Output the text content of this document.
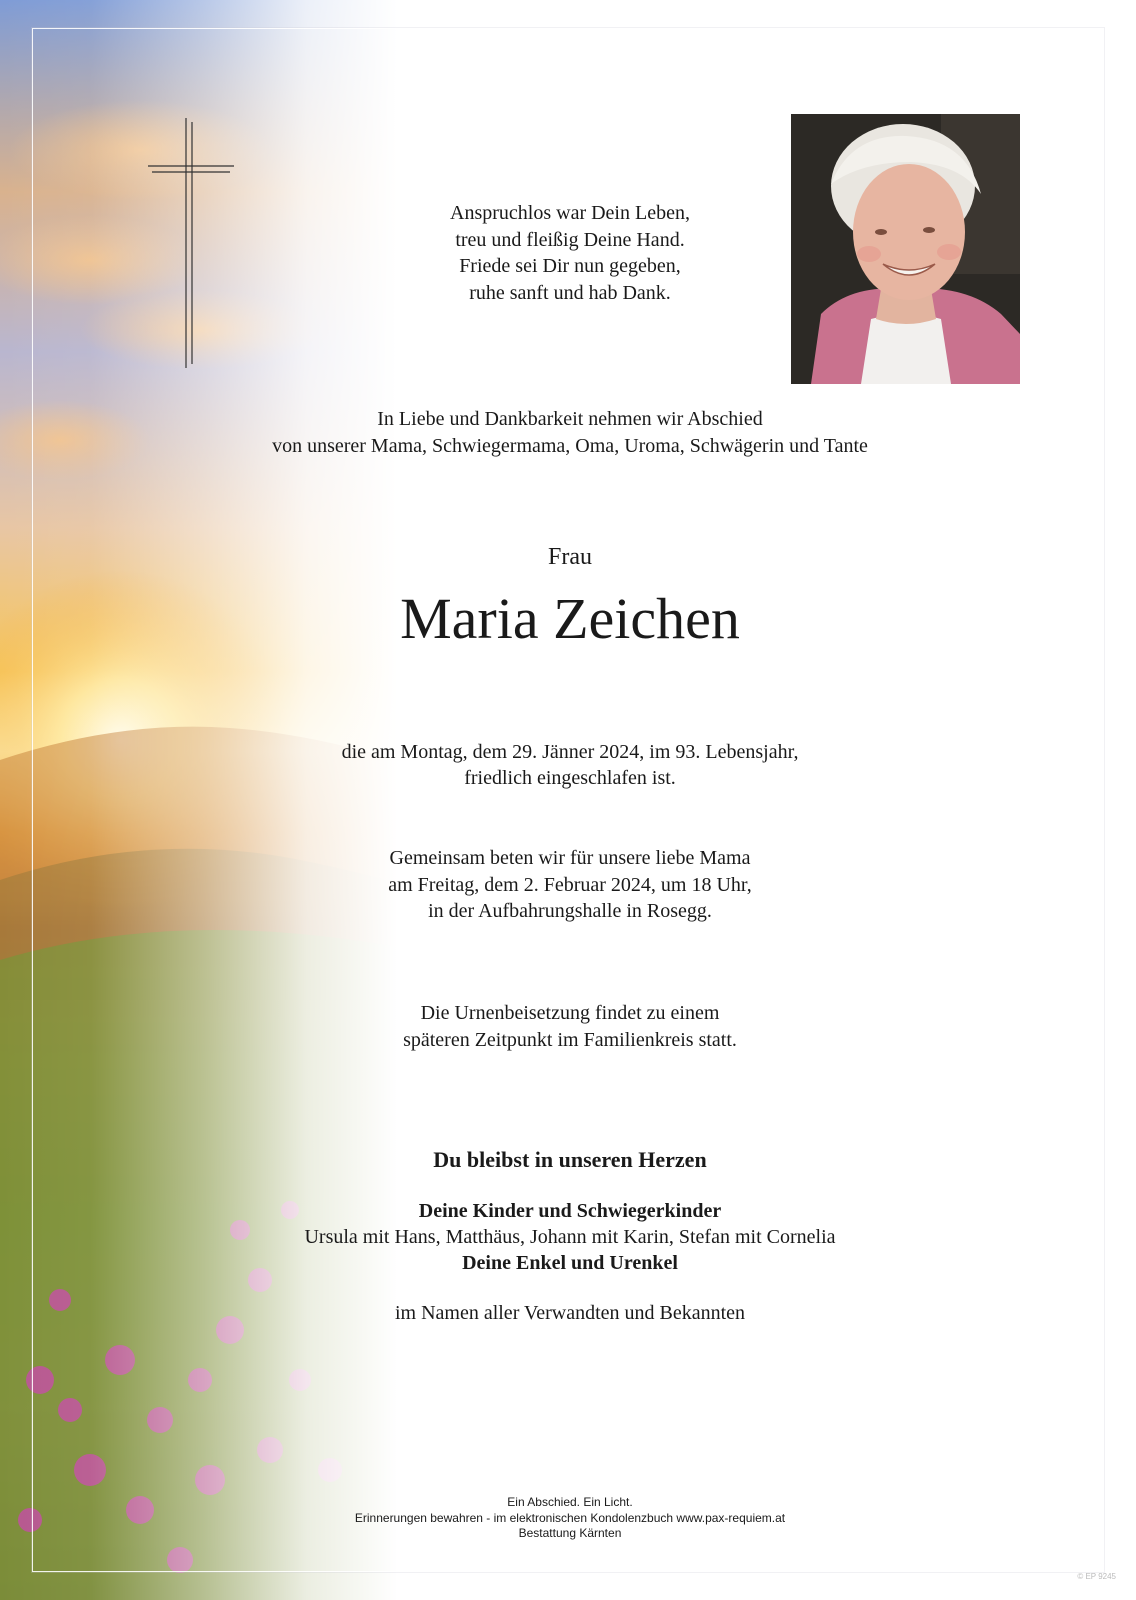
Anspruchlos war Dein Leben,
treu und fleißig Deine Hand.
Friede sei Dir nun gegeben,
ruhe sanft und hab Dank.
In Liebe und Dankbarkeit nehmen wir Abschied
von unserer Mama, Schwiegermama, Oma, Uroma, Schwägerin und Tante
Frau
Maria Zeichen
die am Montag, dem 29. Jänner 2024, im 93. Lebensjahr,
friedlich eingeschlafen ist.
Gemeinsam beten wir für unsere liebe Mama
am Freitag, dem 2. Februar 2024, um 18 Uhr,
in der Aufbahrungshalle in Rosegg.
Die Urnenbeisetzung findet zu einem
späteren Zeitpunkt im Familienkreis statt.
Du bleibst in unseren Herzen
Deine Kinder und Schwiegerkinder
Ursula mit Hans, Matthäus, Johann mit Karin, Stefan mit Cornelia
Deine Enkel und Urenkel
im Namen aller Verwandten und Bekannten
Ein Abschied. Ein Licht.
Erinnerungen bewahren - im elektronischen Kondolenzbuch www.pax-requiem.at
Bestattung Kärnten
© EP 9245
